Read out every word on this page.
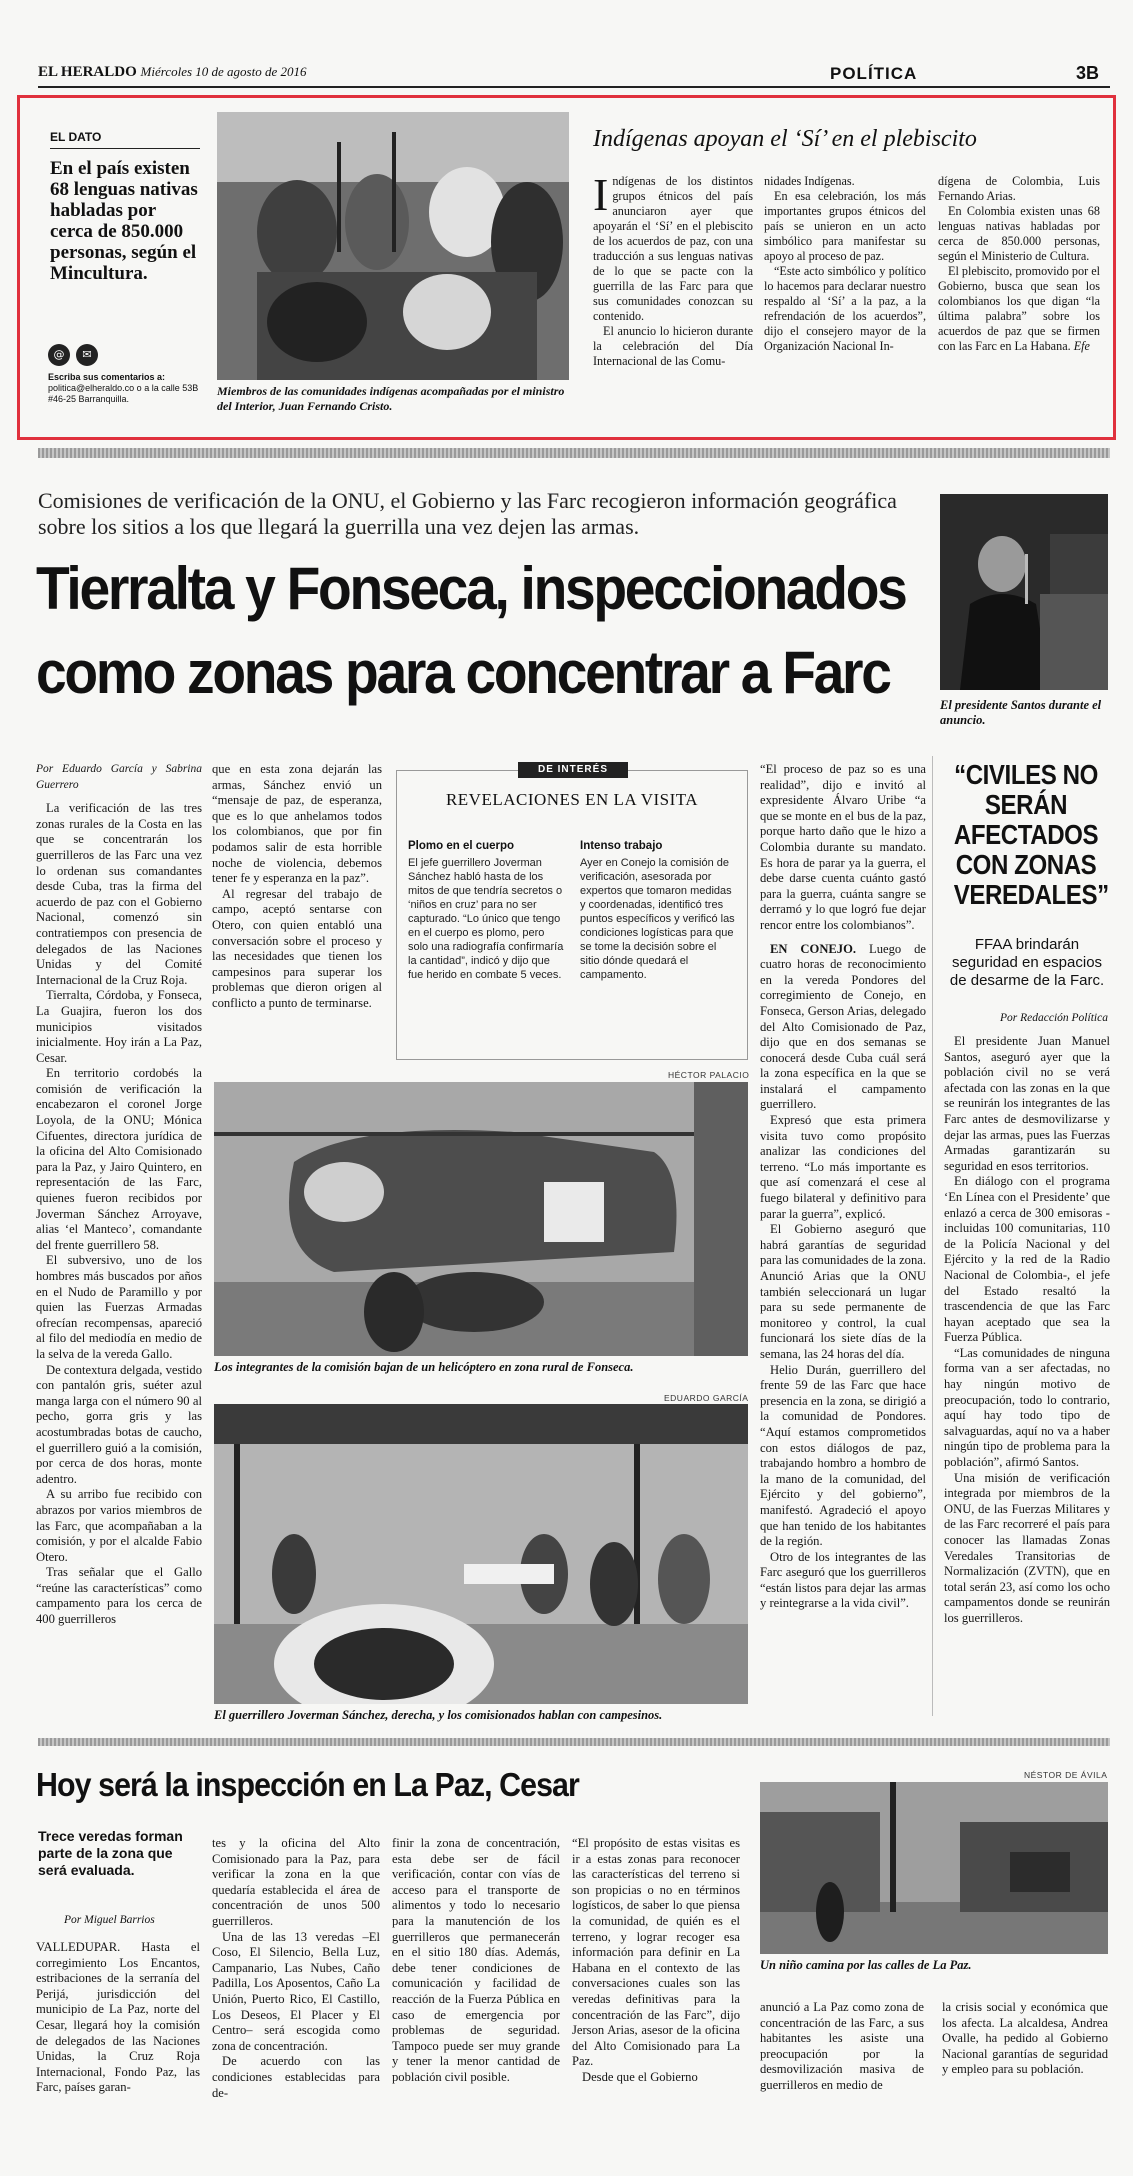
EL HERALDO Miércoles 10 de agosto de 2016	POLÍTICA	3B
EL DATO
En el país existen 68 lenguas nativas habladas por cerca de 850.000 personas, según el Mincultura.
@	✉
Escriba sus comentarios a:
politica@elheraldo.co o a la calle 53B #46-25 Barranquilla.
Miembros de las comunidades indígenas acompañadas por el ministro del Interior, Juan Fernando Cristo.
Indígenas apoyan el ‘Sí’ en el plebiscito
I ndígenas de los distintos grupos étnicos del país anunciaron ayer que apoyarán el ‘Sí’ en el plebiscito de los acuerdos de paz, con una traducción a sus lenguas nativas de lo que se pacte con la guerrilla de las Farc para que sus comunidades conozcan su contenido.

El anuncio lo hicieron durante la celebración del Día Internacional de las Comu-

nidades Indígenas.

En esa celebración, los más importantes grupos étnicos del país se unieron en un acto simbólico para manifestar su apoyo al proceso de paz.

“Este acto simbólico y político lo hacemos para declarar nuestro respaldo al ‘Sí’ a la paz, a la refrendación de los acuerdos”, dijo el consejero mayor de la Organización Nacional In-

dígena de Colombia, Luis Fernando Arias.

En Colombia existen unas 68 lenguas nativas habladas por cerca de 850.000 personas, según el Ministerio de Cultura.

El plebiscito, promovido por el Gobierno, busca que sean los colombianos los que digan “la última palabra” sobre los acuerdos de paz que se firmen con las Farc en La Habana. Efe

Comisiones de verificación de la ONU, el Gobierno y las Farc recogieron información geográfica sobre los sitios a los que llegará la guerrilla una vez dejen las armas.
Tierralta y Fonseca, inspeccionados
como zonas para concentrar a Farc	El presidente Santos durante el anuncio.

Por Eduardo García y Sabrina Guerrero

La verificación de las tres zonas rurales de la Costa en las que se concentrarán los guerrilleros de las Farc una vez lo ordenan sus comandantes desde Cuba, tras la firma del acuerdo de paz con el Gobierno Nacional, comenzó sin contratiempos con presencia de delegados de las Naciones Unidas y del Comité Internacional de la Cruz Roja.

Tierralta, Córdoba, y Fonseca, La Guajira, fueron los dos municipios visitados inicialmente. Hoy irán a La Paz, Cesar.

En territorio cordobés la comisión de verificación la encabezaron el coronel Jorge Loyola, de la ONU; Mónica Cifuentes, directora jurídica de la oficina del Alto Comisionado para la Paz, y Jairo Quintero, en representación de las Farc, quienes fueron recibidos por Joverman Sánchez Arroyave, alias ‘el Manteco’, comandante del frente guerrillero 58.

El subversivo, uno de los hombres más buscados por años en el Nudo de Paramillo y por quien las Fuerzas Armadas ofrecían recompensas, apareció al filo del mediodía en medio de la selva de la vereda Gallo.

De contextura delgada, vestido con pantalón gris, suéter azul manga larga con el número 90 al pecho, gorra gris y las acostumbradas botas de caucho, el guerrillero guió a la comisión, por cerca de dos horas, monte adentro.

A su arribo fue recibido con abrazos por varios miembros de las Farc, que acompañaban a la comisión, y por el alcalde Fabio Otero.

Tras señalar que el Gallo “reúne las características” como campamento para los cerca de 400 guerrilleros

que en esta zona dejarán las armas, Sánchez envió un “mensaje de paz, de esperanza, que es lo que anhelamos todos los colombianos, que por fin podamos salir de esta horrible noche de violencia, debemos tener fe y esperanza en la paz”.

Al regresar del trabajo de campo, aceptó sentarse con Otero, con quien entabló una conversación sobre el proceso y las necesidades que tienen los campesinos para superar los problemas que dieron origen al conflicto a punto de terminarse.

DE INTERÉS
REVELACIONES EN LA VISITA
Plomo en el cuerpo
El jefe guerrillero Joverman Sánchez habló hasta de los mitos de que tendría secretos o ‘niños en cruz’ para no ser capturado. “Lo único que tengo en el cuerpo es plomo, pero solo una radiografía confirmaría la cantidad”, indicó y dijo que fue herido en combate 5 veces.
Intenso trabajo
Ayer en Conejo la comisión de verificación, asesorada por expertos que tomaron medidas y coordenadas, identificó tres puntos específicos y verificó las condiciones logísticas para que se tome la decisión sobre el sitio dónde quedará el campamento.

“El proceso de paz so es una realidad”, dijo e invitó al expresidente Álvaro Uribe “a que se monte en el bus de la paz, porque harto daño que le hizo a Colombia durante su mandato. Es hora de parar ya la guerra, el debe darse cuenta cuánto gastó para la guerra, cuánta sangre se derramó y lo que logró fue dejar rencor entre los colombianos”.

EN CONEJO. Luego de cuatro horas de reconocimiento en la vereda Pondores del corregimiento de Conejo, en Fonseca, Gerson Arias, delegado del Alto Comisionado de Paz, dijo que en dos semanas se conocerá desde Cuba cuál será la zona específica en la que se instalará el campamento guerrillero.

Expresó que esta primera visita tuvo como propósito analizar las condiciones del terreno. “Lo más importante es que así comenzará el cese al fuego bilateral y definitivo para parar la guerra”, explicó.

El Gobierno aseguró que habrá garantías de seguridad para las comunidades de la zona. Anunció Arias que la ONU también seleccionará un lugar para su sede permanente de monitoreo y control, la cual funcionará los siete días de la semana, las 24 horas del día.

Helio Durán, guerrillero del frente 59 de las Farc que hace presencia en la zona, se dirigió a la comunidad de Pondores. “Aquí estamos comprometidos con estos diálogos de paz, trabajando hombro a hombro de la mano de la comunidad, del Ejército y del gobierno”, manifestó. Agradeció el apoyo que han tenido de los habitantes de la región.

Otro de los integrantes de las Farc aseguró que los guerrilleros “están listos para dejar las armas y reintegrarse a la vida civil”.

HÉCTOR PALACIO
Los integrantes de la comisión bajan de un helicóptero en zona rural de Fonseca.
EDUARDO GARCÍA
El guerrillero Joverman Sánchez, derecha, y los comisionados hablan con campesinos.
“CIVILES NO SERÁN AFECTADOS CON ZONAS VEREDALES”
FFAA brindarán seguridad en espacios de desarme de la Farc.
Por Redacción Política

El presidente Juan Manuel Santos, aseguró ayer que la población civil no se verá afectada con las zonas en la que se reunirán los integrantes de las Farc antes de desmovilizarse y dejar las armas, pues las Fuerzas Armadas garantizarán su seguridad en esos territorios.

En diálogo con el programa ‘En Línea con el Presidente’ que enlazó a cerca de 300 emisoras -incluidas 100 comunitarias, 110 de la Policía Nacional y del Ejército y la red de la Radio Nacional de Colombia-, el jefe del Estado resaltó la trascendencia de que las Farc hayan aceptado que sea la Fuerza Pública.

“Las comunidades de ninguna forma van a ser afectadas, no hay ningún motivo de preocupación, todo lo contrario, aquí hay todo tipo de salvaguardas, aquí no va a haber ningún tipo de problema para la población”, afirmó Santos.

Una misión de verificación integrada por miembros de la ONU, de las Fuerzas Militares y de las Farc recorreré el país para conocer las llamadas Zonas Veredales Transitorias de Normalización (ZVTN), que en total serán 23, así como los ocho campamentos donde se reunirán los guerrilleros.

Hoy será la inspección en La Paz, Cesar
Trece veredas forman parte de la zona que será evaluada.
Por Miguel Barrios

VALLEDUPAR. Hasta el corregimiento Los Encantos, estribaciones de la serranía del Perijá, jurisdicción del municipio de La Paz, norte del Cesar, llegará hoy la comisión de delegados de las Naciones Unidas, la Cruz Roja Internacional, Fondo Paz, las Farc, países garan-

tes y la oficina del Alto Comisionado para la Paz, para verificar la zona en la que quedaría establecida el área de concentración de unos 500 guerrilleros.

Una de las 13 veredas –El Coso, El Silencio, Bella Luz, Campanario, Las Nubes, Caño Padilla, Los Aposentos, Caño La Unión, Puerto Rico, El Castillo, Los Deseos, El Placer y El Centro– será escogida como zona de concentración.

De acuerdo con las condiciones establecidas para de-

finir la zona de concentración, esta debe ser de fácil verificación, contar con vías de acceso para el transporte de alimentos y todo lo necesario para la manutención de los guerrilleros que permanecerán en el sitio 180 días. Además, debe tener condiciones de comunicación y facilidad de reacción de la Fuerza Pública en caso de emergencia por problemas de seguridad. Tampoco puede ser muy grande y tener la menor cantidad de población civil posible.

“El propósito de estas visitas es ir a estas zonas para reconocer las características del terreno si son propicias o no en términos logísticos, de saber lo que piensa la comunidad, de quién es el terreno, y lograr recoger esa información para definir en La Habana en el contexto de las conversaciones cuales son las veredas definitivas para la concentración de las Farc”, dijo Jerson Arias, asesor de la oficina del Alto Comisionado para La Paz.

Desde que el Gobierno

NÉSTOR DE ÁVILA
Un niño camina por las calles de La Paz.

anunció a La Paz como zona de concentración de las Farc, a sus habitantes les asiste una preocupación por la desmovilización masiva de guerrilleros en medio de

la crisis social y económica que los afecta. La alcaldesa, Andrea Ovalle, ha pedido al Gobierno Nacional garantías de seguridad y empleo para su población.
